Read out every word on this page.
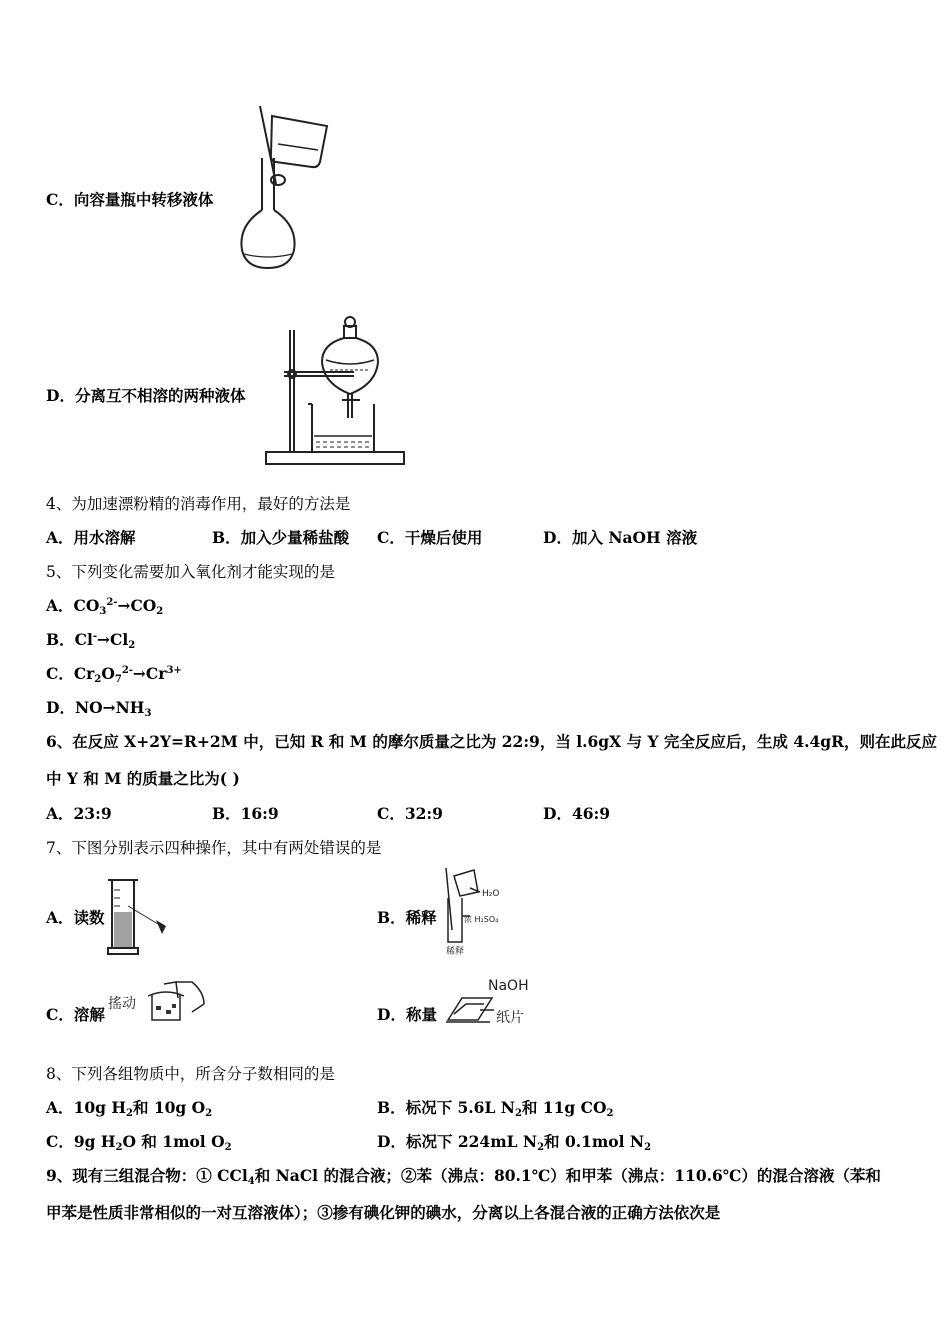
C．向容量瓶中转移液体
D．分离互不相溶的两种液体
4、为加速漂粉精的消毒作用，最好的方法是
A．用水溶解	B．加入少量稀盐酸 C．干燥后使用	D．加入 NaOH 溶液
5、下列变化需要加入氧化剂才能实现的是
A．$CO_3^{2-}\to CO_2$
B．$Cl^-\to Cl_2$
C．$Cr_2O_7^{2-}\to Cr^{3+}$
D．$NO\to NH_3$
6、在反应 X+2Y=R+2M 中，已知 R 和 M 的摩尔质量之比为 22:9，当 l.6gX 与 Y 完全反应后，生成 4.4gR，则在此反应
中 Y 和 M 的质量之比为( )
A．23:9	B．16:9	C．32:9	D．46:9
7、下图分别表示四种操作，其中有两处错误的是
A．读数	B．稀释
H₂O
浓 H₂SO₄
稀释
C．溶解
搖动
D．称量
NaOH
纸片
8、下列各组物质中，所含分子数相同的是
A．10g $H_2$和 10g $O_2$	B．标况下 5.6L $N_2$和 11g $CO_2$
C．9g $H_2O$ 和 1mol $O_2$	D．标况下 224mL $N_2$和 0.1mol $N_2$
9、现有三组混合物：① CCl$_4$和 NaCl 的混合液；②苯（沸点：80.1℃）和甲苯（沸点：110.6℃）的混合溶液（苯和
甲苯是性质非常相似的一对互溶液体）；③掺有碘化钾的碘水，分离以上各混合液的正确方法依次是
